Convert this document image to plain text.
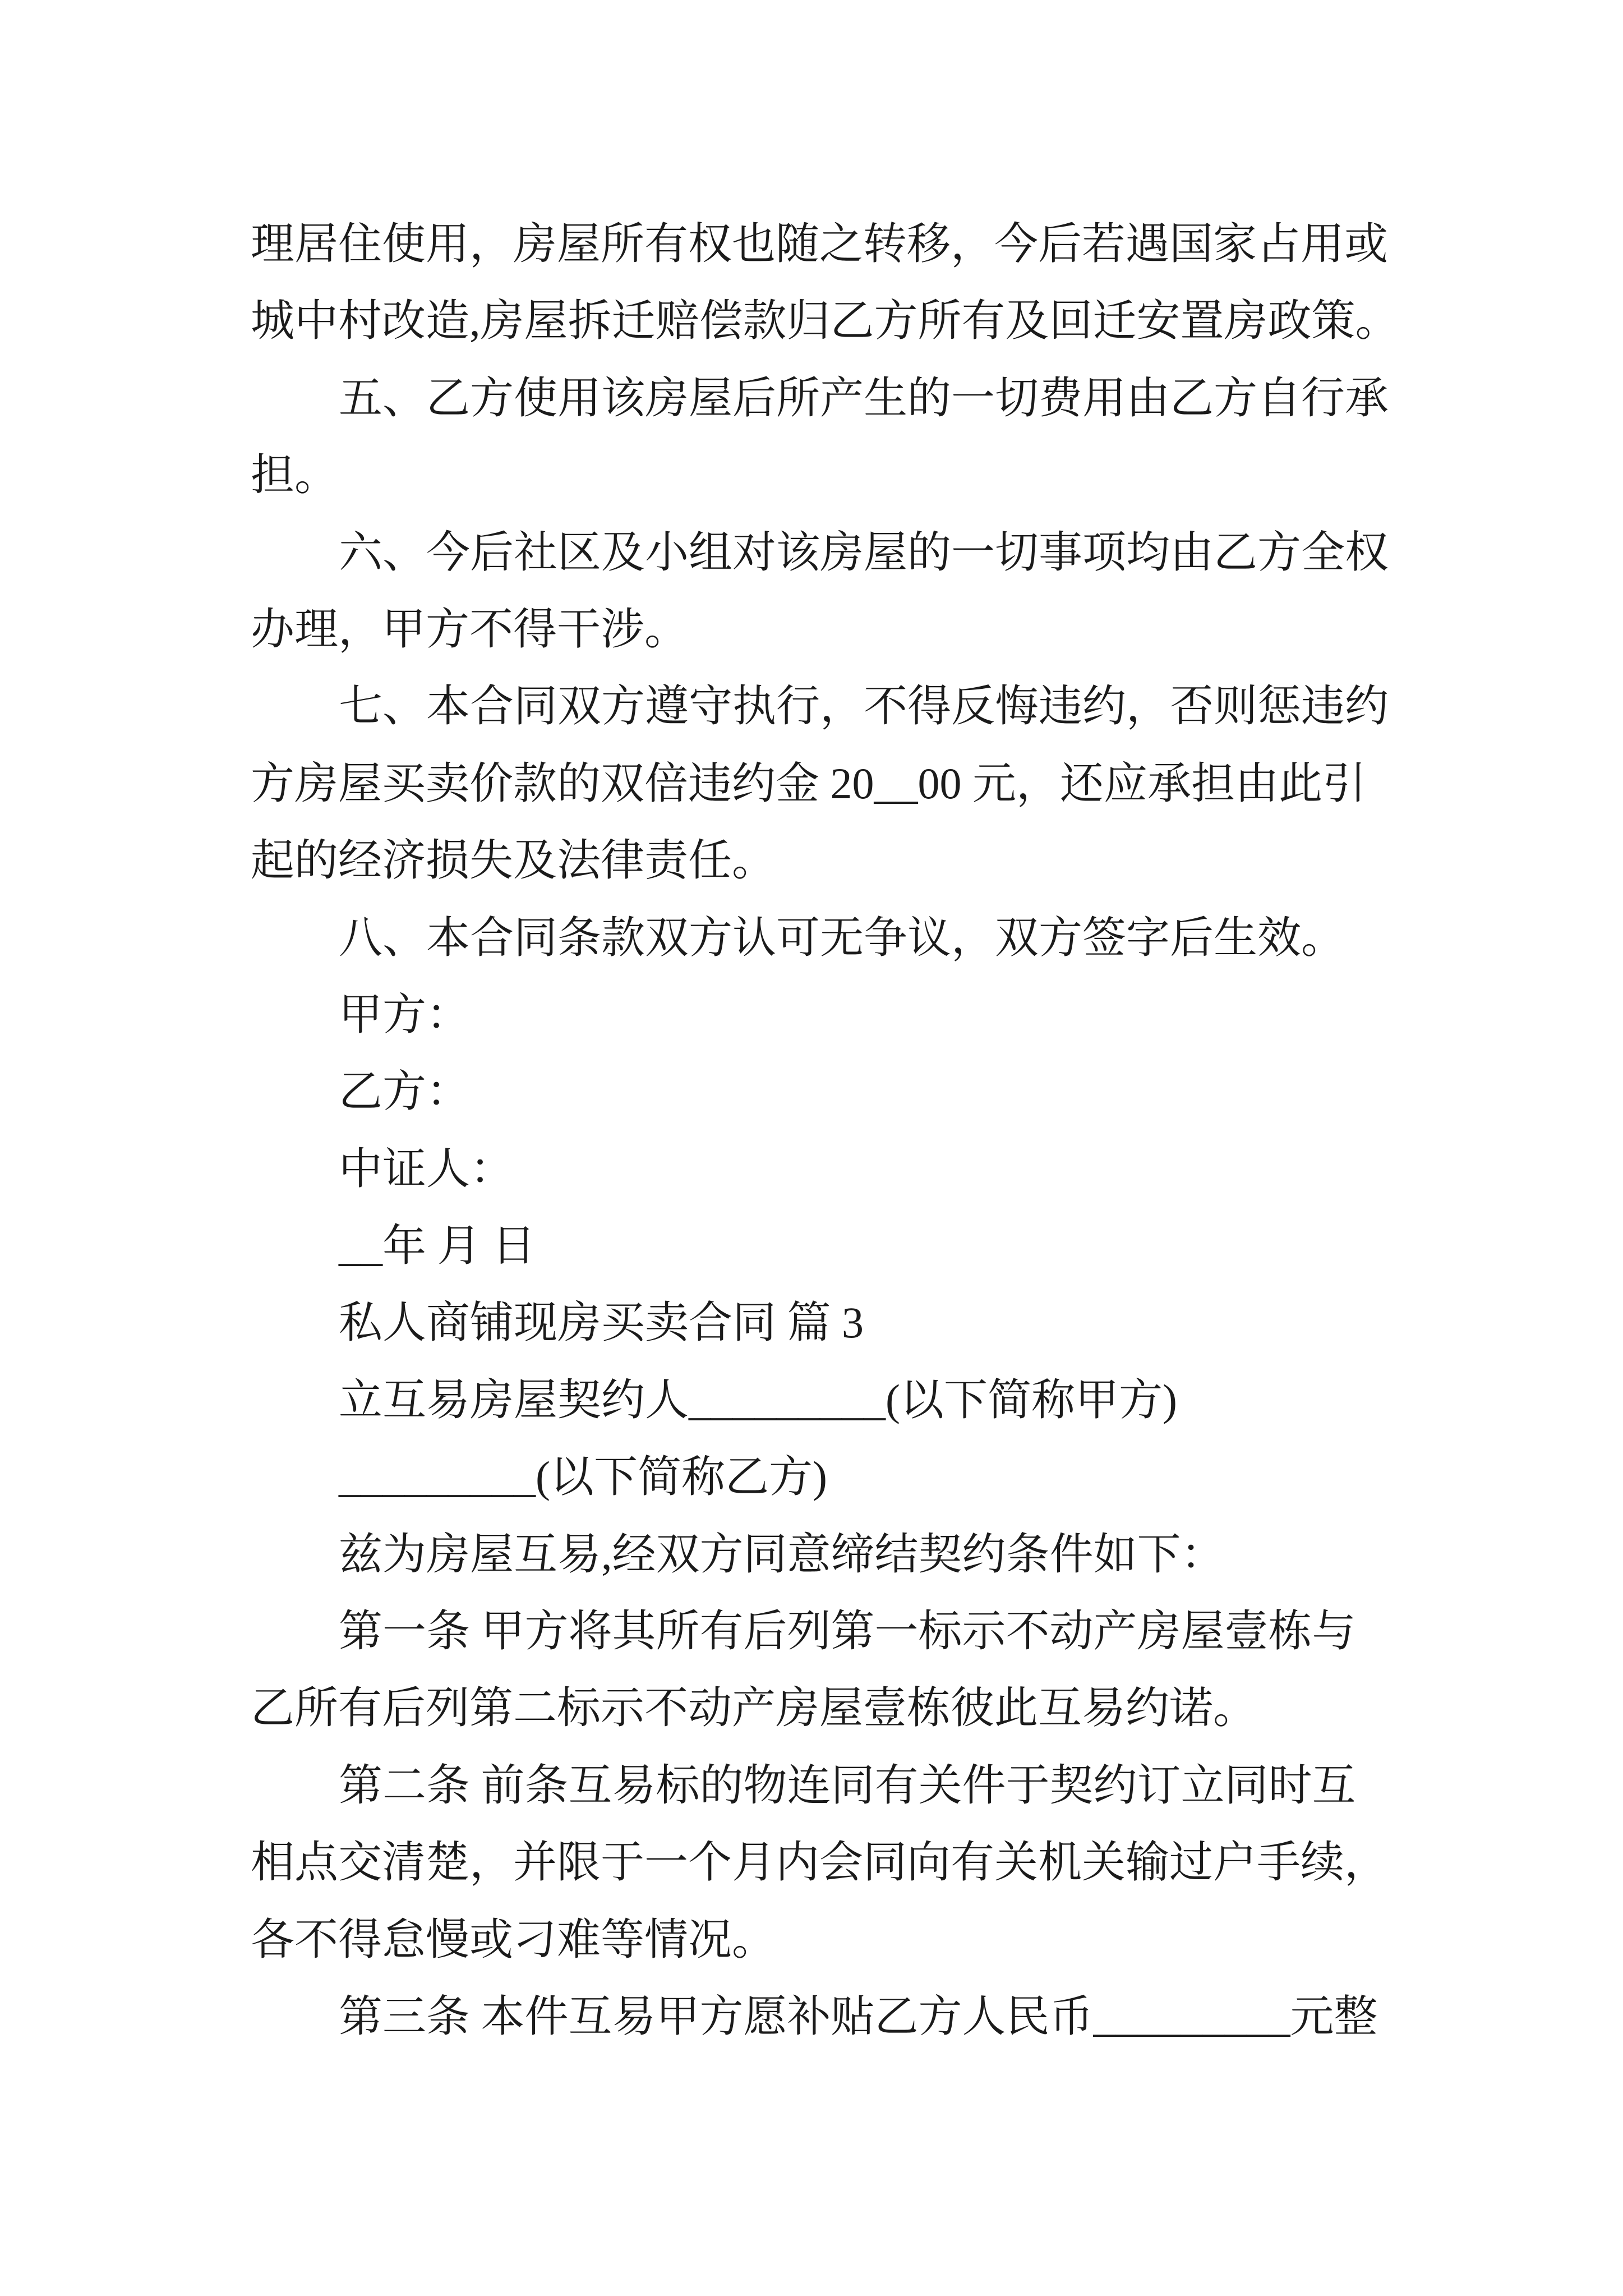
理居住使用，房屋所有权也随之转移，今后若遇国家占用或
城中村改造,房屋拆迁赔偿款归乙方所有及回迁安置房政策。
五、乙方使用该房屋后所产生的一切费用由乙方自行承
担。
六、今后社区及小组对该房屋的一切事项均由乙方全权
办理，甲方不得干涉。
七、本合同双方遵守执行，不得反悔违约，否则惩违约
方房屋买卖价款的双倍违约金 20__00 元，还应承担由此引
起的经济损失及法律责任。
八、本合同条款双方认可无争议，双方签字后生效。
甲方：
乙方：
中证人：
__年 月 日
私人商铺现房买卖合同 篇 3
立互易房屋契约人_________(以下简称甲方)
_________(以下简称乙方)
兹为房屋互易,经双方同意缔结契约条件如下：
第一条 甲方将其所有后列第一标示不动产房屋壹栋与
乙所有后列第二标示不动产房屋壹栋彼此互易约诺。
第二条 前条互易标的物连同有关件于契约订立同时互
相点交清楚，并限于一个月内会同向有关机关输过户手续，
各不得怠慢或刁难等情况。
第三条 本件互易甲方愿补贴乙方人民币_________元整
